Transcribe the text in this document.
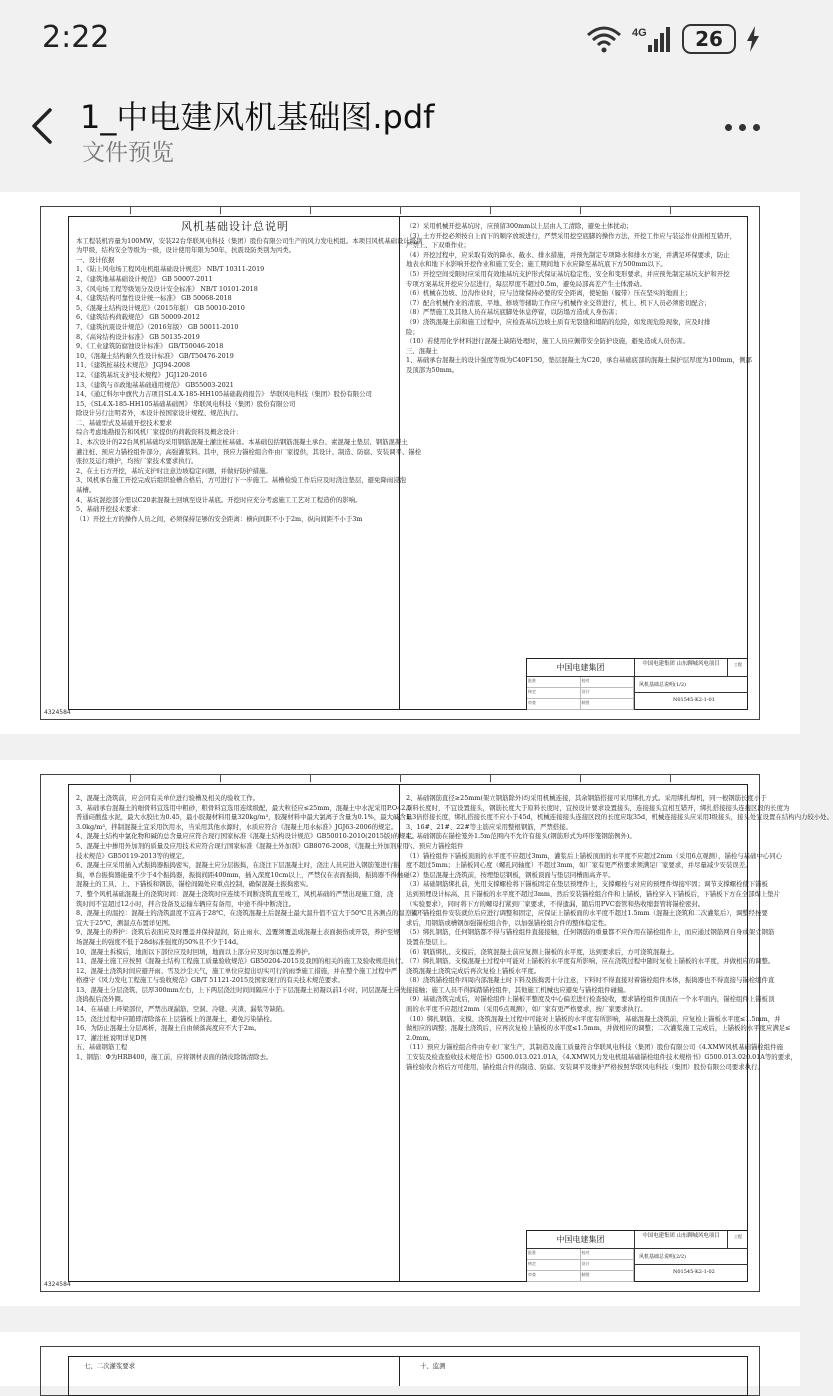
2:22	4G 26
1_中电建风机基础图.pdf
文件预览
4324584
风机基础设计总说明

本工程装机容量为100MW，安装22台华联风电科技（集团）股份有限公司生产的风力发电机组。本项目风机基础设计级别

为甲级，结构安全等级为一级，设计使用年限为50年，抗震设防类别为丙类。

一、设计依据

1、《陆上风电场工程风电机组基础设计规范》 NB/T 10311-2019

2、《建筑地基基础设计规范》 GB 50007-2011

3、《风电场工程等级划分及设计安全标准》 NB/T 10101-2018

4、《建筑结构可靠性设计统一标准》 GB 50068-2018

5、《混凝土结构设计规范》（2015年版） GB 50010-2010

6、《建筑结构荷载规范》 GB 50009-2012

7、《建筑抗震设计规范》（2016年版） GB 50011-2010

8、《高耸结构设计标准》 GB 50135-2019

9、《工业建筑防腐蚀设计标准》 GB/T50046-2018

10、《混凝土结构耐久性设计标准》 GB/T50476-2019

11、《建筑桩基技术规范》 JGJ94-2008

12、《建筑基坑支护技术规程》 JGJ120-2016

13、《建筑与市政地基基础通用规范》 GB55003-2021

14、《通辽科尔中旗代力吉项目SL4.X-185-HH105基础载荷报告》 华联风电科技（集团）股份有限公司

15、《SL4.X-185-HH105基础基础图》 华联风电科技（集团）股份有限公司

除设计另行注明者外，本设计按国家设计规程、规范执行。

二、基础型式及基础开挖技术要求

综合考虑地勘报告和风机厂家提供的荷载资料及概念设计：

1、本次设计的22台风机基础均采用钢筋混凝土灌注桩基础。本基础包括钢筋混凝土承台、素混凝土垫层、钢筋混凝土

灌注桩、预应力锚栓组件部分，高强灌浆料。其中，预应力锚栓组合件由厂家提供，其设计、制造、防腐、安装调平、锚栓

张拉及运行维护，均按厂家技术要求执行。

2、在土石方开挖，基坑支护时注意边坡稳定问题，并做好防护措施。

3、风机承台施工开挖完成后组织验槽合格后，方可进行下一步施工。基槽检验工作后应及时浇注垫层，避免降雨浸泡

基槽。

4、基坑混挖部分需以C20素混凝土回填至设计基底。开挖时应充分考虑施工工艺对工程造价的影响。

5、基础开挖技术要求：

（1）开挖土方的操作人员之间，必须保持足够的安全距离：横向间距不小于2m，纵向间距不小于3m

（2）采用机械开挖基坑时，应预留300mm以上层由人工清除，避免土体扰动；

（3）土方开挖必须按自上而下的顺序放坡进行，严禁采用挖空底脚的操作方法，开挖工作应与装运作业面相互错开，

严禁上、下双重作业；

（4）开挖过程中，应采取有效的降水、截水、排水措施，并预先制定专项降水和排水方案，并满足环保要求，防止

地表水和地下水影响开挖作业和施工安全；施工期间地下水应降至基坑底下方500mm以下。

（5）开挖空间受限时应采用有效地基坑支护形式保证基坑稳定性、安全和变形要求，并应预先制定基坑支护和开挖

专项方案基坑开挖应分层进行，每层厚度不超过0.5m，避免局部高差产生土体滑动。

（6）机械在边坡、边沟作业时，应与边缘保持必要的安全距离，使轮胎（履带）压在坚实的地面上；

（7）配合机械作业的清底、平地、修坡等辅助工作应与机械作业交替进行，机上、机下人员必须密切配合；

（8）严禁施工及其他人员在基坑底脚处休息停留，以防塌方造成人身伤害；

（9）浇筑混凝土前和施工过程中，应检查基坑边坡土质有无裂缝和塌陷的危险，如发现危险现象，应及时排

险；

（10）若使用化学材料进行混凝土缺陷处理时，施工人员应佩带安全防护设施，避免造成人员伤害。

三、混凝土

1、基础承台混凝土的设计强度等级为C40F150，垫层混凝土为C20，承台基础底部的混凝土保护层厚度为100mm，侧部

及顶部为50mm。

中国电建集团
批准	校对
核定	设计
审查	制图
中国电建集团 山东聊城风电项目	工程
风机基础总说明(1/2)
N01545-K2-1-01
4324584

2、混凝土浇筑前，应会同有关单位进行验槽及相关的验收工作。

3、基础承台混凝土的细骨料宜选用中粗砂，粗骨料宜选用连续级配，最大粒径应≤25mm，混凝土中水泥采用P.O42.5

普通硅酸盐水泥，最大水胶比为0.45，最小胶凝材料用量320kg/m³，胶凝材料中最大氯离子含量为0.1%，最大碱含量

3.0kg/m³，拌制混凝土宜采用饮用水，当采用其他水源时，水质应符合《混凝土用水标准》JGJ63-2006的规定。

4、混凝土结构中氯化物和碱的总含量应应符合现行国家标准《混凝土结构设计规范》GB50010-2010(2015版)的规定。

5、混凝土中掺用外加剂的质量及应用技术应符合现行国家标准《混凝土外加剂》GB8076-2008、《混凝土外加剂应用

技术规范》GB50119-2013等的规定。

6、混凝土应采用插入式振捣器振捣密实，混凝土应分层振捣，在浇注下层混凝土时，浇注人员应进入钢筋笼进行振

捣，单台振捣器能量不少于4个振捣器，振捣间距400mm，插入深度10cm以上，严禁仅在表面振捣，振捣器不得触碰

混凝土的工具、上、下锚板和钢筋，锚栓间隔处应重点控制，确保混凝土振捣密实。

7、整个风机基础混凝土的浇筑时间：混凝土浇筑时应连续不间断浇筑直至竣工，风机基础的严禁出现施工缝，浇

筑时间不宜超过12小时，拌合设备及运输车辆应有备用，中途不得中断浇注。

8、混凝土的温控：混凝土的浇筑温度不宜高于28℃，在浇筑混凝土后混凝土最大温升值不宜大于50℃且各测点的温差值不

宜大于25℃，测温点布置详见图。

9、混凝土的养护：浇筑后表面应及时覆盖并保持湿润，防止雨水、盖覆须覆盖成混凝土表面损伤或开裂，养护至规

场混凝土的强度不低于28d标准强度的50%且不少于14d。

10、混凝土拆模后，地面以下部位应及时回填，地面以上部分应及时加以覆盖养护。

11、混凝土施工应按照《混凝土结构工程施工质量验收规范》GB50204-2015及我国的相关的施工及验收规范执行。

12、混凝土浇筑时间应避开雨、雪及沙尘天气，施工单位应提出切实可行的雨季施工措施，并在整个施工过程中严

格遵守《风力发电工程施工与验收规范》GB/T 51121-2015及国家现行的有关技术规范要求。

13、混凝土分层浇筑，层厚300mm左右，上下两层浇注时间间隔应小于下层混凝土初凝以前1小时，同层混凝土应先

浇捣振后浇外圈。

14、在基础上环梁部位，严禁出现漏筋、空洞、冷缝、夹渣、漏浆等缺陷。

15、浇注过程中应随即清除落在上层锚板上的混凝土，避免污染锚栓。

16、为防止混凝土分层离析，混凝土自由倾落高度应不大于2m。

17、灌注桩说明详见D图

五、基础钢筋工程

1、钢筋：Φ为HRB400，施工前，应将钢材表面的锈皮除锈清除去。

2、基础钢筋直径≥25mm(架立钢筋除外)均采用机械连接，其余钢筋搭接可采用绑扎方式。采用绑扎焊机，同一根钢筋长度小于

原料长度时，不宜设置接头，钢筋长度大于原料长度时，宜按设计要求设置接头，连接接头宜相互错开，绑扎搭接接头连接区段的长度为

1.3倍搭接长度，绑扎搭接长度不应小于45d，机械连接接头连接区段的长度应取35d，机械连接接头应采用Ⅰ级接头，接头处宜设置在结构内力较小处。

3、16#、21#、22#等主筋应采用整根钢筋，严禁搭接。

4、基础钢筋在锚栓笼外1.5m范围内不允许有接头(钢筋形式为环形笼钢筋例外)。

六、预应力锚栓组件

（1）锚栓组件下锚板顶面的水平度不应超过3mm，灌浆后上锚板顶面的水平度不应超过2mm（采用6点观测），锚栓与基础中心同心

度不超过5mm；上锚板同心度（螺孔同轴度）不超过3mm，如厂家有更严格要求须满足厂家要求，并尽量减少安装误差。

（2）垫层混凝土浇筑前，按埋垫层钢板，钢板顶面与垫层同槽面高齐平。

（3）基础钢筋绑扎前，先用支撑螺栓将下锚板固定在垫层预埋件上，支撑螺栓与对应的预埋件焊接牢固；调节支撑螺栓使下锚板

达到预埋设计标高，且下锚板的水平度不超过3mm，然后安装锚栓组合件和上锚板，锚栓穿入下锚板后，下锚板下方在全部焊上垫片

（实验要求），同时将下方的螺母打紧到厂家要求，不得遗漏，随后用PVC套管和热收缩套管将锚栓密封。

（4）锚栓组件安装就位后应进行调整和固定，应保证上锚板面的水平度不超过1.5mm（混凝土浇筑和二次灌浆后），调整经按要

求后，用钢筋或槽钢加强锚栓组合件，以加强锚栓组合件的整体稳定性。

（5）绑扎钢筋，任何钢筋都不得与锚栓组件直接接触，任何钢筋的重量都不应作用在锚栓组件上，而应通过钢筋网自身或架立钢筋

设置在垫层上。

（6）钢筋绑扎、支模后，浇筑混凝土前应复测上锚板的水平度，达到要求后，方可浇筑混凝土。

（7）绑扎钢筋、支模混凝土过程中可能对上锚板的水平度有所影响，应在浇筑过程中随时复检上锚板的水平度，并做相应的调整。

浇筑混凝土浇筑完成后再次复检上锚板水平度。

（8）浇筑锚栓组件四周内部混凝土时下料及振捣需十分注意，下料时不得直接对着锚栓组件本体，振捣器也不得直接与锚栓组件直

接接触；施工人员不得踩踏锚栓组件，其他施工机械也应避免与锚栓组件碰撞。

（9）基础浇筑完成后，对锚栓组件上锚板平整度及中心偏差进行检查验收，要求锚栓组件顶面在一个水平面内，锚栓组件上锚板顶

面的水平度不应超过2mm（采用6点观测），如厂家有更严格要求，按厂家要求执行。

（10）绑扎钢筋、支模、浇筑混凝土过程中可能对上锚板的水平度有所影响，基础混凝土浇筑前，应复检上锚板水平度≤1.5mm，并

做相应的调整；混凝土浇筑后，应再次复检上锚板的水平度≤1.5mm，并做相应的调整；二次灌浆施工完成后，上锚板的水平度应满足≤

2.0mm。

（11）预应力锚栓组合件由专业厂家生产，其制造及施工质量符合华联风电科技（集团）股份有限公司《4.XMW风机基础锚栓组件施

工安装及检查验收技术规范书》G500.013.021.01A，《4.XMW风力发电机组基础锚栓组件技术规格书》G500.013.020.01A等的要求，

锚栓验收合格后方可使用，锚栓组合件的制造、防腐、安装调平及维护严格按照华联风电科技（集团）股份有限公司要求执行。

中国电建集团
批准	校对
核定	设计
审查	制图
中国电建集团 山东聊城风电项目	工程
风机基础总说明(2/2)
N01545-K2-1-02

七、二次灌浆要求	十、监测
